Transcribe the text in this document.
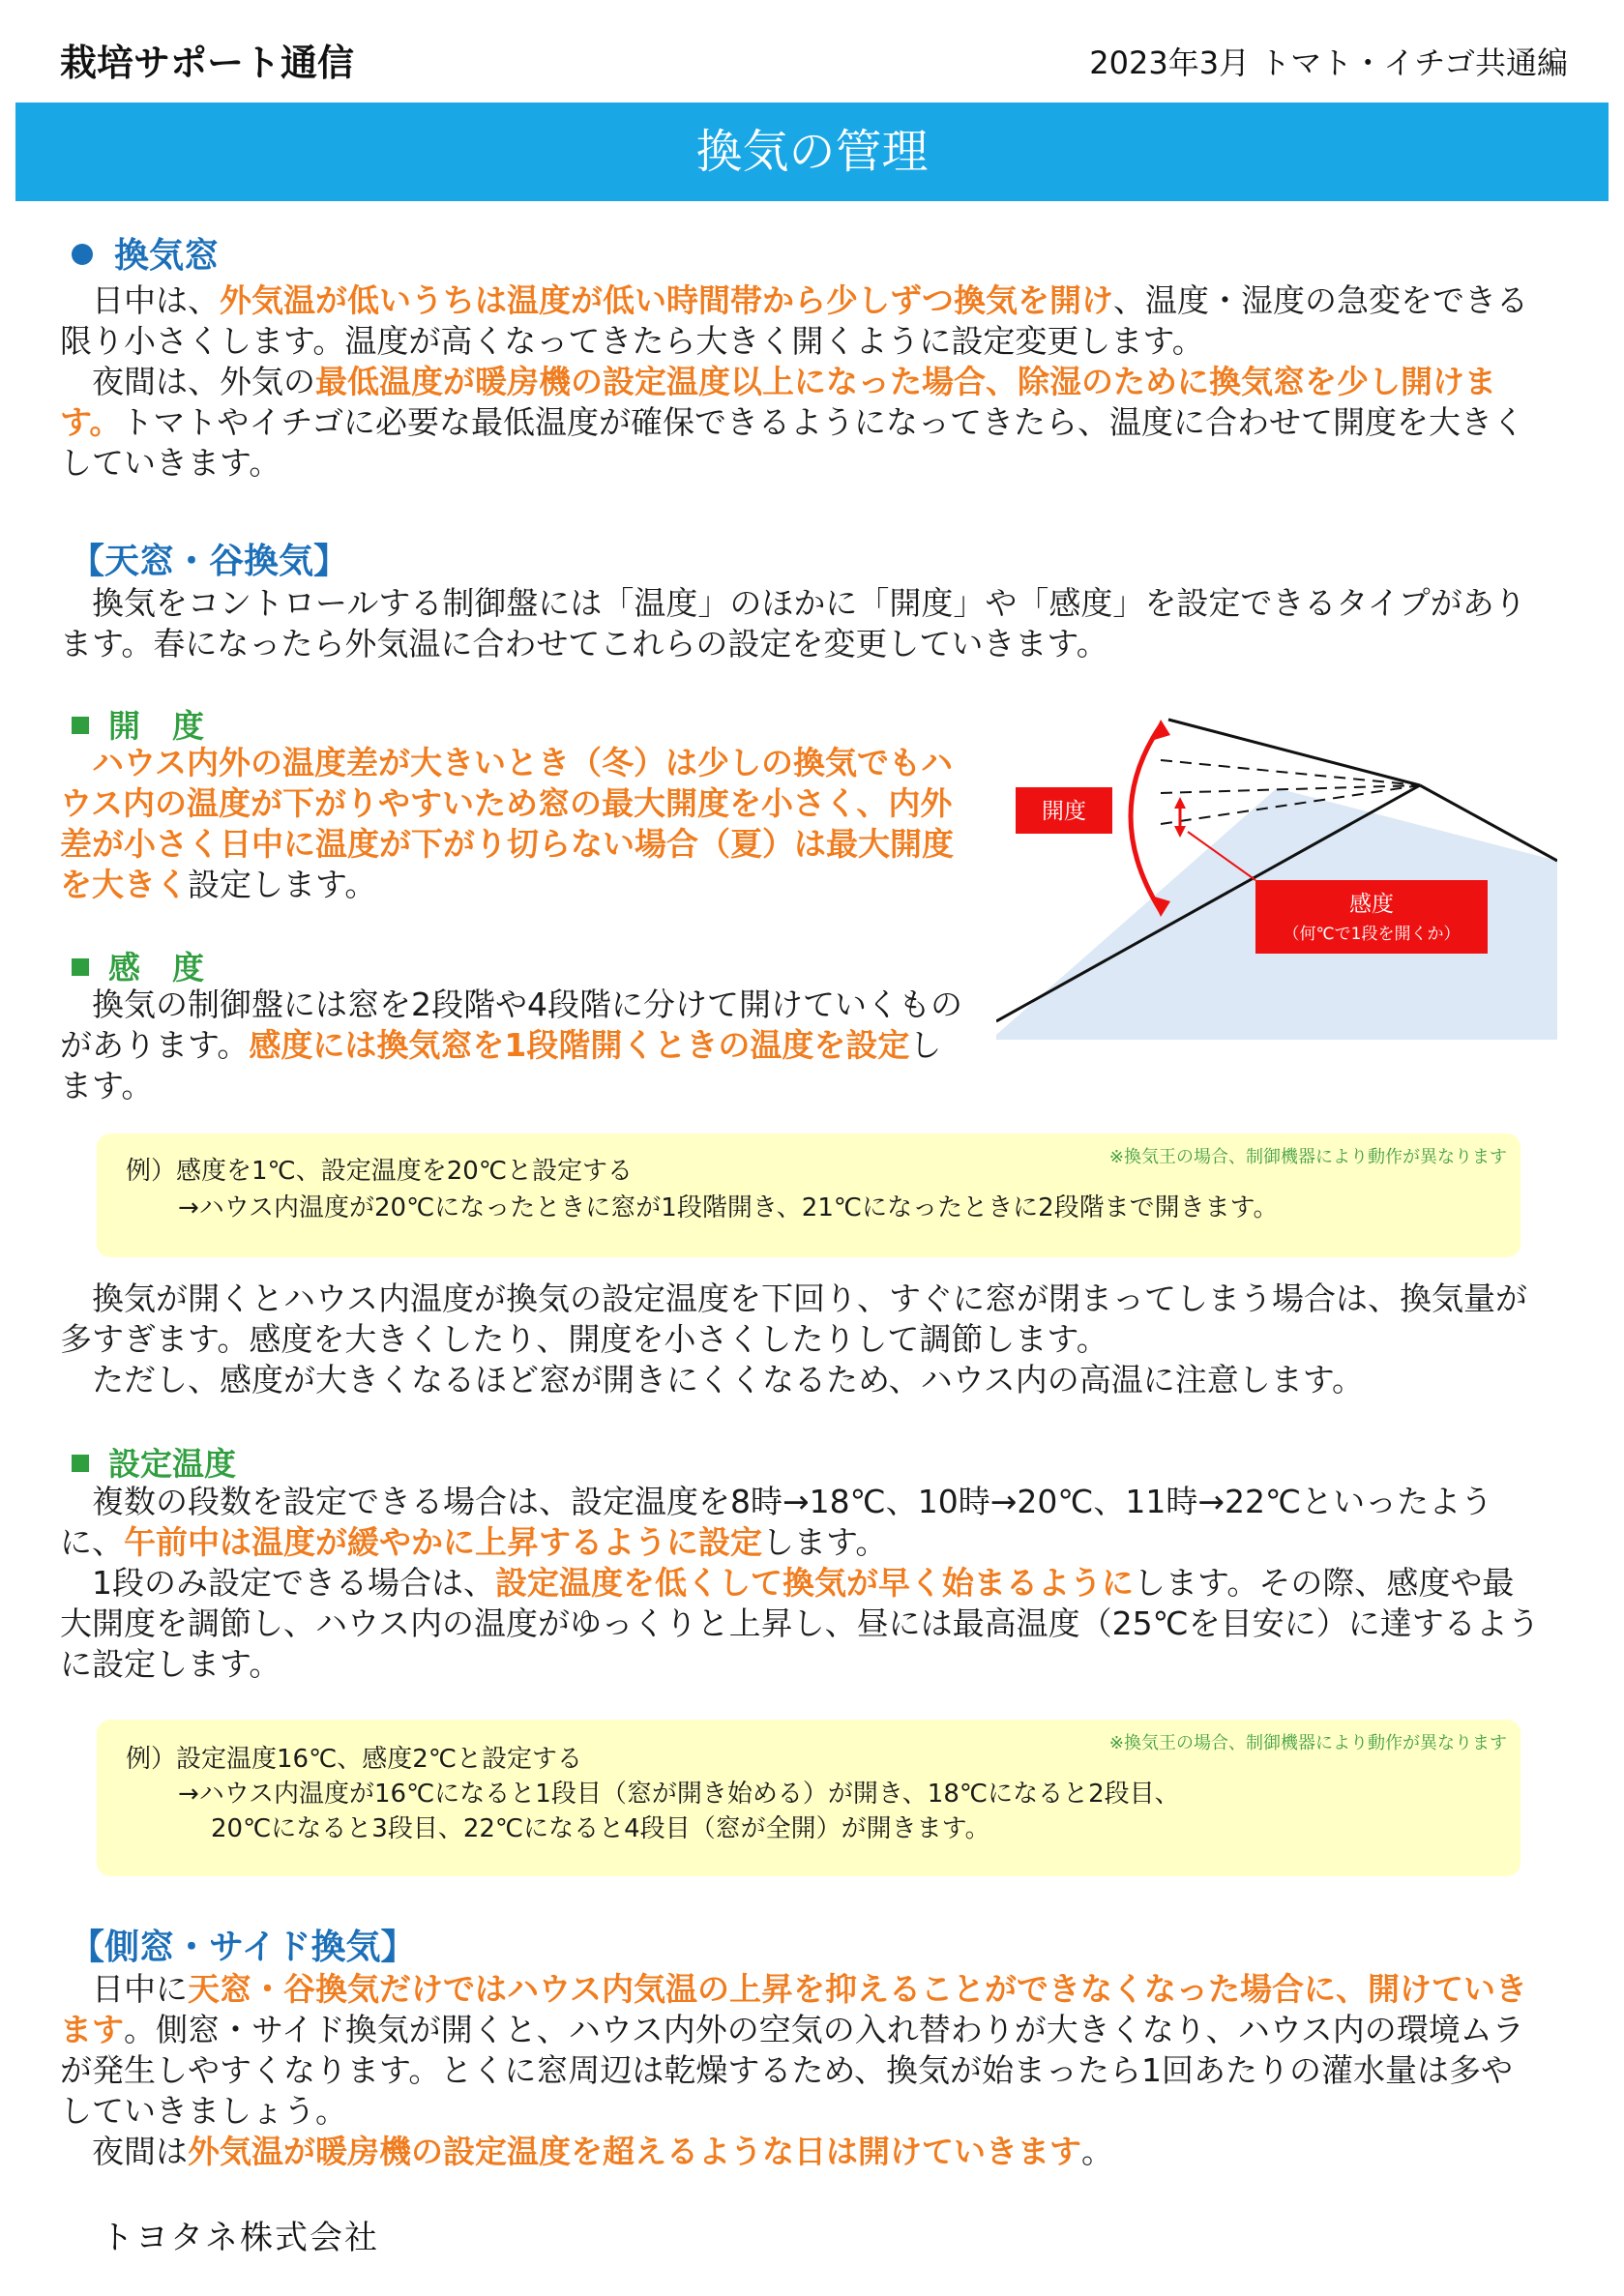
栽培サポート通信	2023年3月 トマト・イチゴ共通編
換気の管理
換気窓

日中は、外気温が低いうちは温度が低い時間帯から少しずつ換気を開け、温度・湿度の急変をできる限り小さくします。温度が高くなってきたら大きく開くように設定変更します。

夜間は、外気の最低温度が暖房機の設定温度以上になった場合、除湿のために換気窓を少し開けます。トマトやイチゴに必要な最低温度が確保できるようになってきたら、温度に合わせて開度を大きくしていきます。

【天窓・谷換気】

換気をコントロールする制御盤には「温度」のほかに「開度」や「感度」を設定できるタイプがあります。春になったら外気温に合わせてこれらの設定を変更していきます。

開　度

ハウス内外の温度差が大きいとき（冬）は少しの換気でもハウス内の温度が下がりやすいため窓の最大開度を小さく、内外差が小さく日中に温度が下がり切らない場合（夏）は最大開度を大きく設定します。

感　度

換気の制御盤には窓を2段階や4段階に分けて開けていくものがあります。感度には換気窓を1段階開くときの温度を設定します。

開度
感度
（何℃で1段を開くか）
※換気王の場合、制御機器により動作が異なります
例）感度を1℃、設定温度を20℃と設定する
→ハウス内温度が20℃になったときに窓が1段階開き、21℃になったときに2段階まで開きます。

換気が開くとハウス内温度が換気の設定温度を下回り、すぐに窓が閉まってしまう場合は、換気量が多すぎます。感度を大きくしたり、開度を小さくしたりして調節します。

ただし、感度が大きくなるほど窓が開きにくくなるため、ハウス内の高温に注意します。

設定温度

複数の段数を設定できる場合は、設定温度を8時→18℃、10時→20℃、11時→22℃といったように、午前中は温度が緩やかに上昇するように設定します。

1段のみ設定できる場合は、設定温度を低くして換気が早く始まるようにします。その際、感度や最大開度を調節し、ハウス内の温度がゆっくりと上昇し、昼には最高温度（25℃を目安に）に達するように設定します。

※換気王の場合、制御機器により動作が異なります
例）設定温度16℃、感度2℃と設定する
→ハウス内温度が16℃になると1段目（窓が開き始める）が開き、18℃になると2段目、
20℃になると3段目、22℃になると4段目（窓が全開）が開きます。
【側窓・サイド換気】

日中に天窓・谷換気だけではハウス内気温の上昇を抑えることができなくなった場合に、開けていきます。側窓・サイド換気が開くと、ハウス内外の空気の入れ替わりが大きくなり、ハウス内の環境ムラが発生しやすくなります。とくに窓周辺は乾燥するため、換気が始まったら1回あたりの灌水量は多やしていきましょう。

夜間は外気温が暖房機の設定温度を超えるような日は開けていきます。

トヨタネ株式会社
